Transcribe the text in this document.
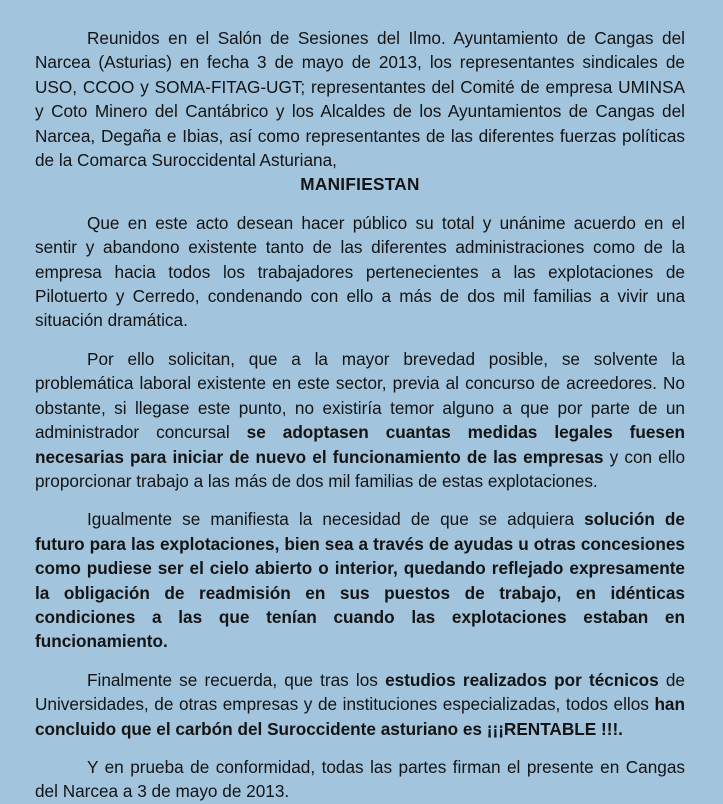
Reunidos en el Salón de Sesiones del Ilmo. Ayuntamiento de Cangas del Narcea (Asturias) en fecha 3 de mayo de 2013, los representantes sindicales de USO, CCOO y SOMA-FITAG-UGT; representantes del Comité de empresa UMINSA y Coto Minero del Cantábrico y los Alcaldes de los Ayuntamientos de Cangas del Narcea, Degaña e Ibias, así como representantes de las diferentes fuerzas políticas de la Comarca Suroccidental Asturiana,

MANIFIESTAN

Que en este acto desean hacer público su total y unánime acuerdo en el sentir y abandono existente tanto de las diferentes administraciones como de la empresa hacia todos los trabajadores pertenecientes a las explotaciones de Pilotuerto y Cerredo, condenando con ello a más de dos mil familias a vivir una situación dramática.

Por ello solicitan, que a la mayor brevedad posible, se solvente la problemática laboral existente en este sector, previa al concurso de acreedores. No obstante, si llegase este punto, no existiría temor alguno a que por parte de un administrador concursal se adoptasen cuantas medidas legales fuesen necesarias para iniciar de nuevo el funcionamiento de las empresas y con ello proporcionar trabajo a las más de dos mil familias de estas explotaciones.

Igualmente se manifiesta la necesidad de que se adquiera solución de futuro para las explotaciones, bien sea a través de ayudas u otras concesiones como pudiese ser el cielo abierto o interior, quedando reflejado expresamente la obligación de readmisión en sus puestos de trabajo, en idénticas condiciones a las que tenían cuando las explotaciones estaban en funcionamiento.

Finalmente se recuerda, que tras los estudios realizados por técnicos de Universidades, de otras empresas y de instituciones especializadas, todos ellos han concluido que el carbón del Suroccidente asturiano es ¡¡¡RENTABLE !!!.

Y en prueba de conformidad, todas las partes firman el presente en Cangas del Narcea a 3 de mayo de 2013.
